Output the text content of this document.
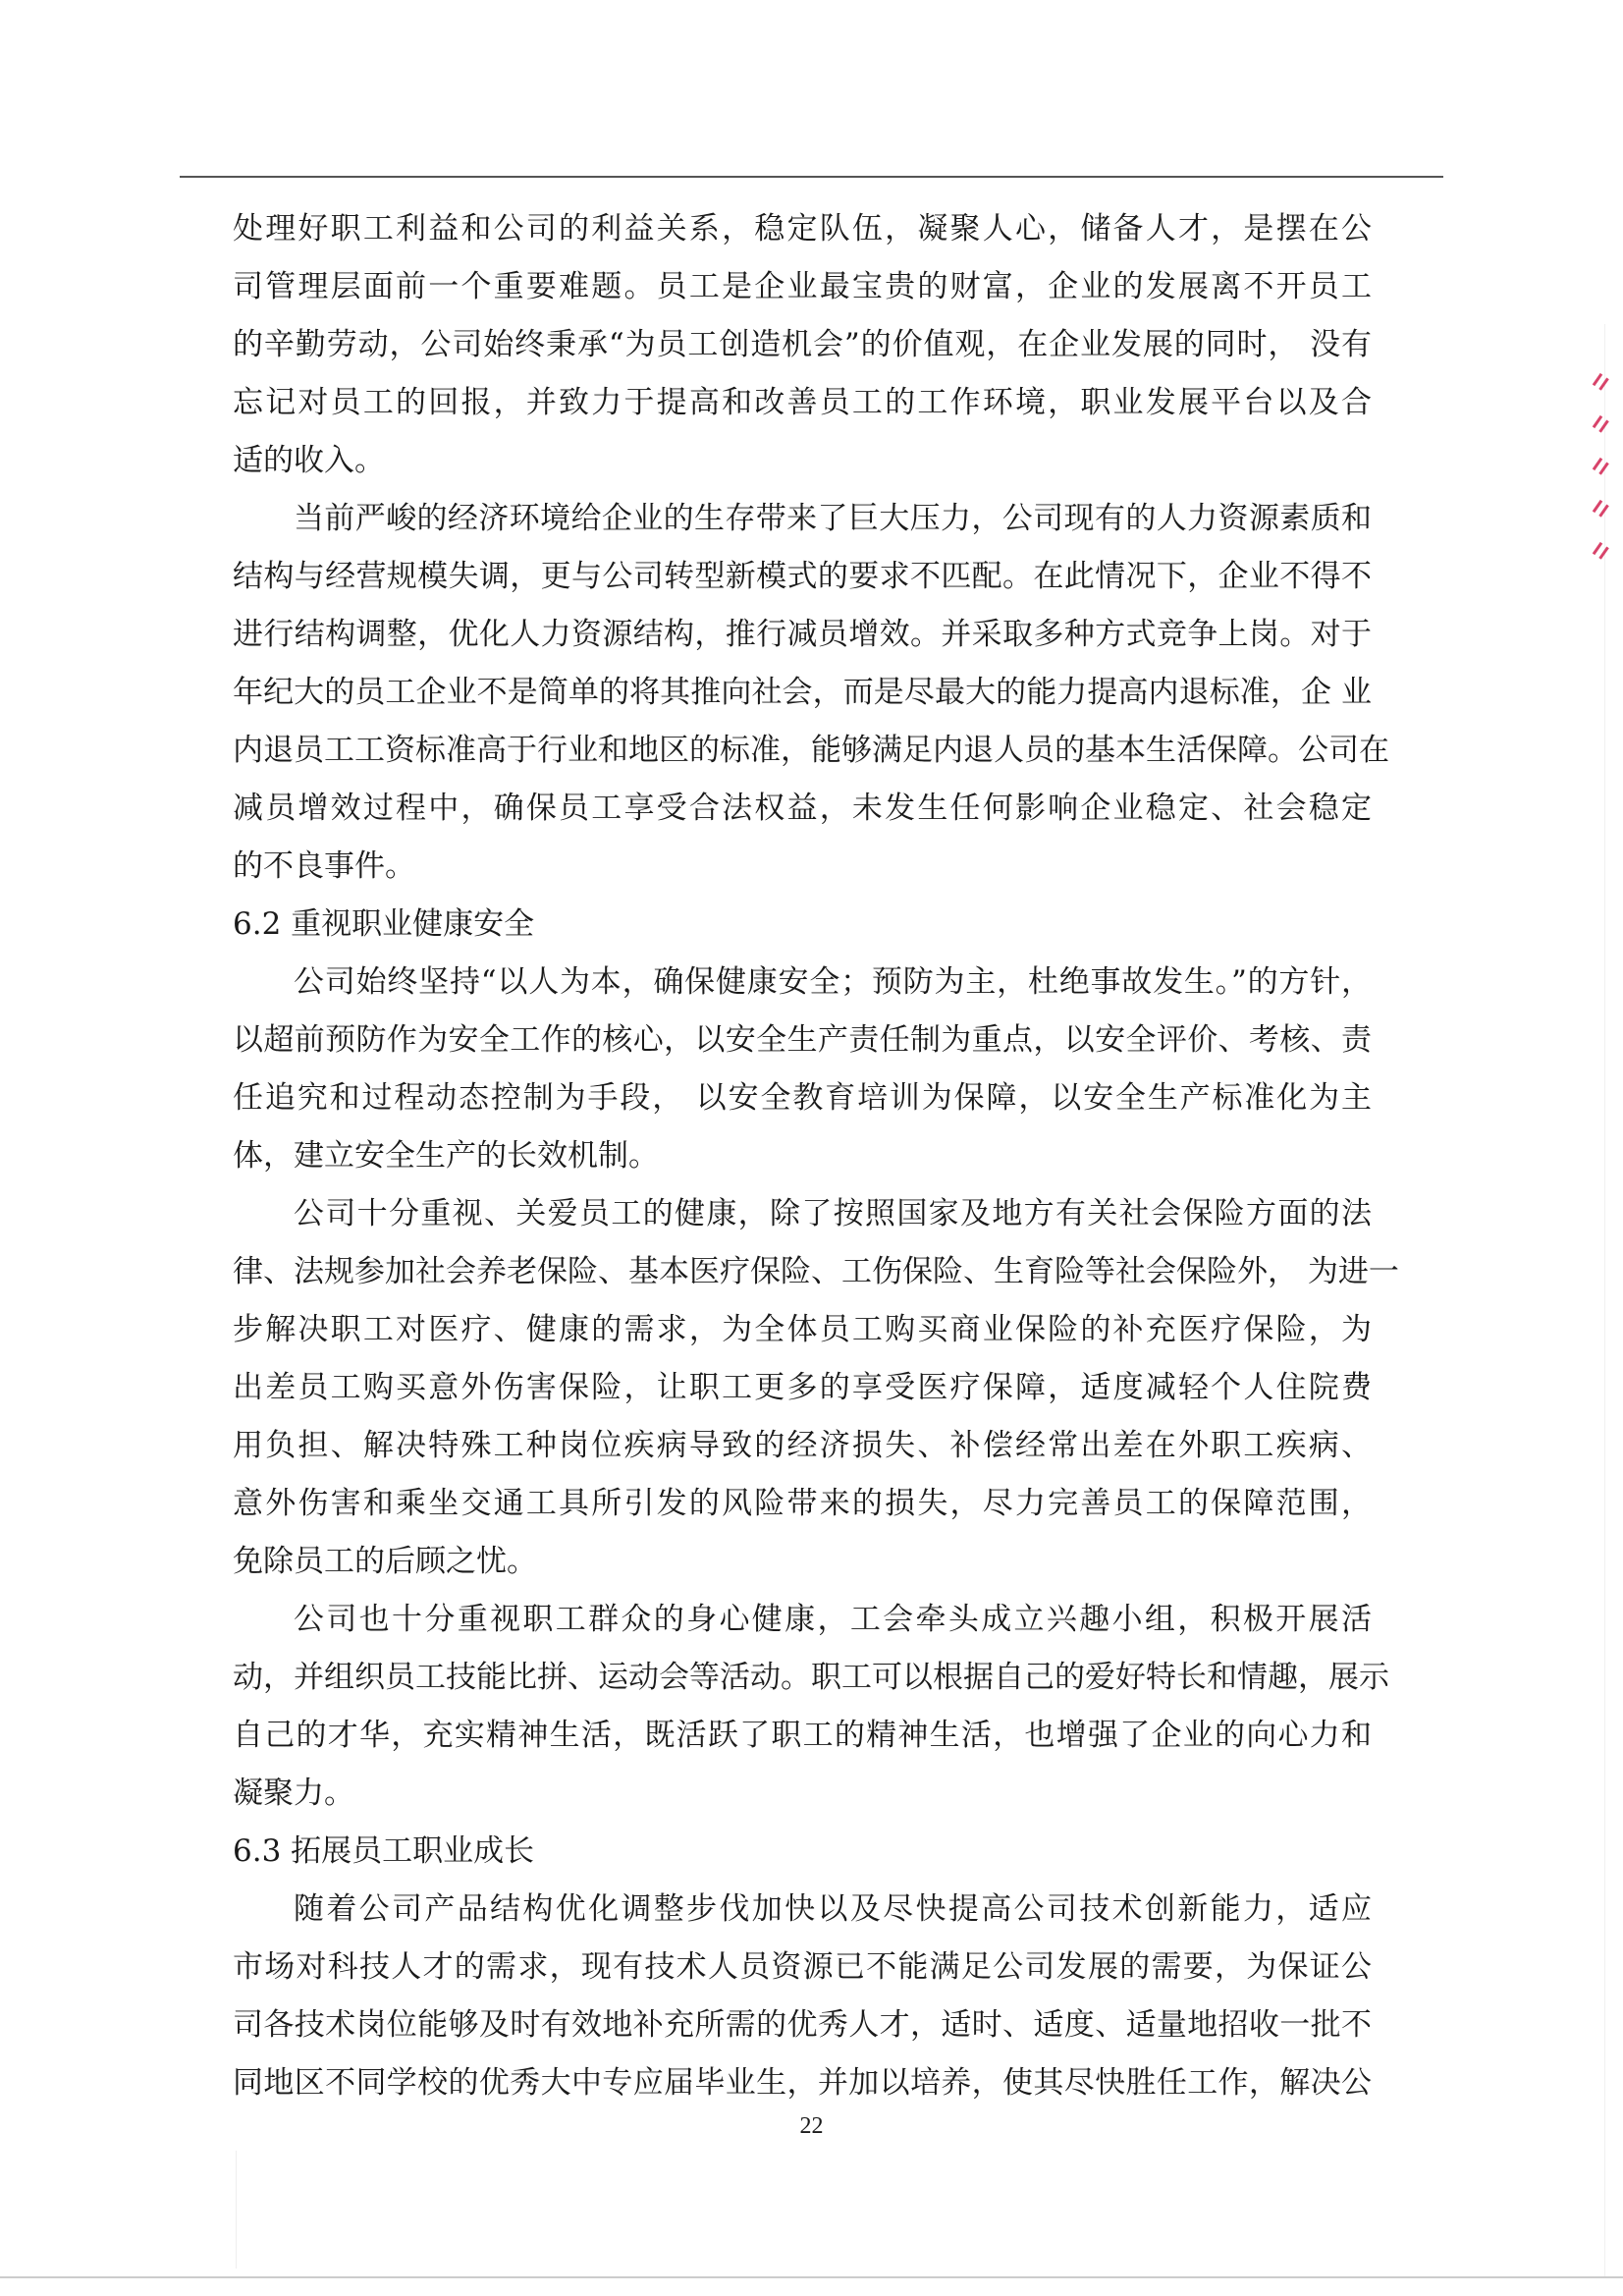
处理好职工利益和公司的利益关系，稳定队伍，凝聚人心，储备人才，是摆在公
司管理层面前一个重要难题。员工是企业最宝贵的财富，企业的发展离不开员工
的辛勤劳动，公司始终秉承“为员工创造机会”的价值观，在企业发展的同时， 没有
忘记对员工的回报，并致力于提高和改善员工的工作环境，职业发展平台以及合
适的收入。
当前严峻的经济环境给企业的生存带来了巨大压力，公司现有的人力资源素质和
结构与经营规模失调，更与公司转型新模式的要求不匹配。在此情况下，企业不得不
进行结构调整，优化人力资源结构，推行减员增效。并采取多种方式竞争上岗。对于
年纪大的员工企业不是简单的将其推向社会，而是尽最大的能力提高内退标准，企 业
内退员工工资标准高于行业和地区的标准，能够满足内退人员的基本生活保障。公司在
减员增效过程中，确保员工享受合法权益，未发生任何影响企业稳定、社会稳定
的不良事件。
6.2 重视职业健康安全
公司始终坚持“以人为本，确保健康安全；预防为主，杜绝事故发生。”的方针，
以超前预防作为安全工作的核心，以安全生产责任制为重点，以安全评价、考核、责
任追究和过程动态控制为手段， 以安全教育培训为保障，以安全生产标准化为主
体，建立安全生产的长效机制。
公司十分重视、关爱员工的健康，除了按照国家及地方有关社会保险方面的法
律、法规参加社会养老保险、基本医疗保险、工伤保险、生育险等社会保险外， 为进一
步解决职工对医疗、健康的需求，为全体员工购买商业保险的补充医疗保险，为
出差员工购买意外伤害保险，让职工更多的享受医疗保障，适度减轻个人住院费
用负担、解决特殊工种岗位疾病导致的经济损失、补偿经常出差在外职工疾病、
意外伤害和乘坐交通工具所引发的风险带来的损失，尽力完善员工的保障范围，
免除员工的后顾之忧。
公司也十分重视职工群众的身心健康，工会牵头成立兴趣小组，积极开展活
动，并组织员工技能比拼、运动会等活动。职工可以根据自己的爱好特长和情趣，展示
自己的才华，充实精神生活，既活跃了职工的精神生活，也增强了企业的向心力和
凝聚力。
6.3 拓展员工职业成长
随着公司产品结构优化调整步伐加快以及尽快提高公司技术创新能力，适应
市场对科技人才的需求，现有技术人员资源已不能满足公司发展的需要，为保证公
司各技术岗位能够及时有效地补充所需的优秀人才，适时、适度、适量地招收一批不
同地区不同学校的优秀大中专应届毕业生，并加以培养，使其尽快胜任工作，解决公
22
